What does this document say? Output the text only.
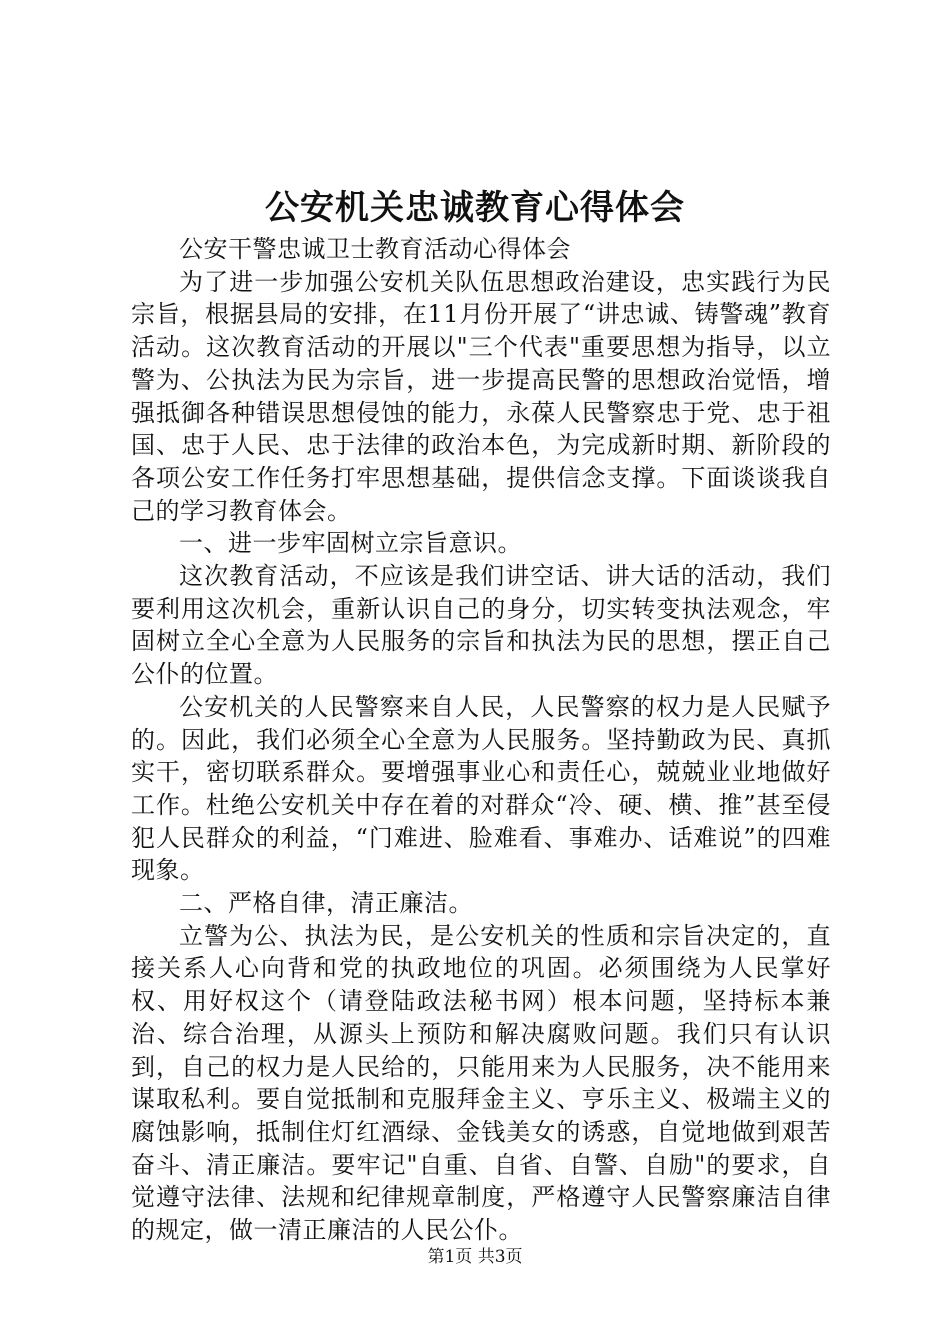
公安机关忠诚教育心得体会

公安干警忠诚卫士教育活动心得体会

为了进一步加强公安机关队伍思想政治建设，忠实践行为民宗旨，根据县局的安排，在11月份开展了“讲忠诚、铸警魂”教育活动。这次教育活动的开展以"三个代表"重要思想为指导，以立警为、公执法为民为宗旨，进一步提高民警的思想政治觉悟，增强抵御各种错误思想侵蚀的能力，永葆人民警察忠于党、忠于祖国、忠于人民、忠于法律的政治本色，为完成新时期、新阶段的各项公安工作任务打牢思想基础，提供信念支撑。下面谈谈我自己的学习教育体会。

一、进一步牢固树立宗旨意识。

这次教育活动，不应该是我们讲空话、讲大话的活动，我们要利用这次机会，重新认识自己的身分，切实转变执法观念，牢固树立全心全意为人民服务的宗旨和执法为民的思想，摆正自己公仆的位置。

公安机关的人民警察来自人民，人民警察的权力是人民赋予的。因此，我们必须全心全意为人民服务。坚持勤政为民、真抓实干，密切联系群众。要增强事业心和责任心，兢兢业业地做好工作。杜绝公安机关中存在着的对群众“冷、硬、横、推”甚至侵犯人民群众的利益，“门难进、脸难看、事难办、话难说”的四难现象。

二、严格自律，清正廉洁。

立警为公、执法为民，是公安机关的性质和宗旨决定的，直接关系人心向背和党的执政地位的巩固。必须围绕为人民掌好权、用好权这个（请登陆政法秘书网）根本问题，坚持标本兼治、综合治理，从源头上预防和解决腐败问题。我们只有认识到，自己的权力是人民给的，只能用来为人民服务，决不能用来谋取私利。要自觉抵制和克服拜金主义、亨乐主义、极端主义的腐蚀影响，抵制住灯红酒绿、金钱美女的诱惑，自觉地做到艰苦奋斗、清正廉洁。要牢记"自重、自省、自警、自励"的要求，自觉遵守法律、法规和纪律规章制度，严格遵守人民警察廉洁自律的规定，做一清正廉洁的人民公仆。

第1页 共3页
